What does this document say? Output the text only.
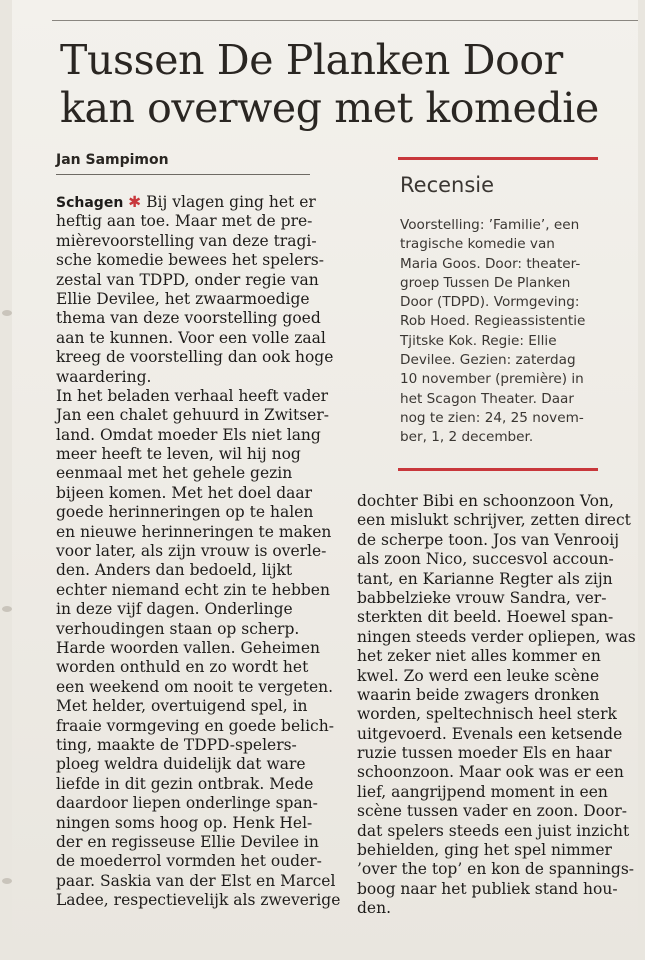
Tussen De Planken Door
kan overweg met komedie
Jan Sampimon
Schagen ✱ Bij vlagen ging het er
heftig aan toe. Maar met de pre-
mièrevoorstelling van deze tragi-
sche komedie bewees het spelers-
zestal van TDPD, onder regie van
Ellie Devilee, het zwaarmoedige
thema van deze voorstelling goed
aan te kunnen. Voor een volle zaal
kreeg de voorstelling dan ook hoge
waardering.
In het beladen verhaal heeft vader
Jan een chalet gehuurd in Zwitser-
land. Omdat moeder Els niet lang
meer heeft te leven, wil hij nog
eenmaal met het gehele gezin
bijeen komen. Met het doel daar
goede herinneringen op te halen
en nieuwe herinneringen te maken
voor later, als zijn vrouw is overle-
den. Anders dan bedoeld, lijkt
echter niemand echt zin te hebben
in deze vijf dagen. Onderlinge
verhoudingen staan op scherp.
Harde woorden vallen. Geheimen
worden onthuld en zo wordt het
een weekend om nooit te vergeten.
Met helder, overtuigend spel, in
fraaie vormgeving en goede belich-
ting, maakte de TDPD-spelers-
ploeg weldra duidelijk dat ware
liefde in dit gezin ontbrak. Mede
daardoor liepen onderlinge span-
ningen soms hoog op. Henk Hel-
der en regisseuse Ellie Devilee in
de moederrol vormden het ouder-
paar. Saskia van der Elst en Marcel
Ladee, respectievelijk als zweverige
Recensie
Voorstelling: ’Familie’, een
tragische komedie van
Maria Goos. Door: theater-
groep Tussen De Planken
Door (TDPD). Vormgeving:
Rob Hoed. Regieassistentie
Tjitske Kok. Regie: Ellie
Devilee. Gezien: zaterdag
10 november (première) in
het Scagon Theater. Daar
nog te zien: 24, 25 novem-
ber, 1, 2 december.
dochter Bibi en schoonzoon Von,
een mislukt schrijver, zetten direct
de scherpe toon. Jos van Venrooij
als zoon Nico, succesvol accoun-
tant, en Karianne Regter als zijn
babbelzieke vrouw Sandra, ver-
sterkten dit beeld. Hoewel span-
ningen steeds verder opliepen, was
het zeker niet alles kommer en
kwel. Zo werd een leuke scène
waarin beide zwagers dronken
worden, speltechnisch heel sterk
uitgevoerd. Evenals een ketsende
ruzie tussen moeder Els en haar
schoonzoon. Maar ook was er een
lief, aangrijpend moment in een
scène tussen vader en zoon. Door-
dat spelers steeds een juist inzicht
behielden, ging het spel nimmer
’over the top’ en kon de spannings-
boog naar het publiek stand hou-
den.
